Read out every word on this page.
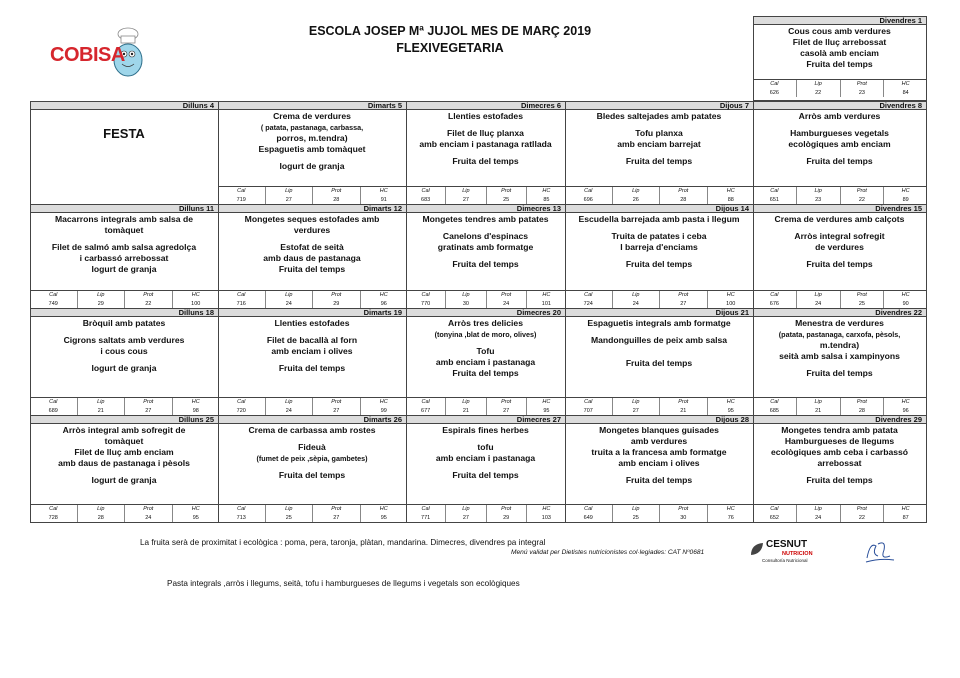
COBISA
ESCOLA JOSEP Mª JUJOL MES DE MARÇ 2019
FLEXIVEGETARIA
Dilluns 4
FESTA
Dimarts 5
Crema de verdures
( patata, pastanaga, carbassa,
porros, m.tendra)
Espaguetis amb tomàquet
Iogurt de granja
Cal
719
Lip
27
Prot
28
HC
91
Dimecres 6
Llenties estofades
Filet de lluç planxa
amb enciam i pastanaga ratllada
Fruita del temps
Cal
683
Lip
27
Prot
25
HC
85
Dijous 7
Bledes saltejades amb patates
Tofu planxa
amb enciam barrejat
Fruita del temps
Cal
696
Lip
26
Prot
28
HC
88
Divendres 8
Arròs amb verdures
Hamburgueses vegetals
ecològiques amb enciam
Fruita del temps
Cal
651
Lip
23
Prot
22
HC
89
Dilluns 11
Macarrons integrals amb salsa de
tomàquet
Filet de salmó amb salsa agredolça
i carbassó arrebossat
Iogurt de granja
Cal
749
Lip
29
Prot
22
HC
100
Dimarts 12
Mongetes seques estofades amb
verdures
Estofat de seità
amb daus de pastanaga
Fruita del temps
Cal
716
Lip
24
Prot
29
HC
96
Dimecres 13
Mongetes tendres amb patates
Canelons d'espinacs
gratinats amb formatge
Fruita del temps
Cal
770
Lip
30
Prot
24
HC
101
Dijous 14
Escudella barrejada amb pasta i llegum
Truita de patates i ceba
I barreja d'enciams
Fruita del temps
Cal
724
Lip
24
Prot
27
HC
100
Divendres 15
Crema de verdures amb calçots
Arròs integral sofregit
de verdures
Fruita del temps
Cal
676
Lip
24
Prot
25
HC
90
Dilluns 18
Bròquil amb patates
Cigrons saltats amb verdures
i cous cous
Iogurt de granja
Cal
689
Lip
21
Prot
27
HC
98
Dimarts 19
Llenties estofades
Filet de bacallà al forn
amb enciam i olives
Fruita del temps
Cal
720
Lip
24
Prot
27
HC
99
Dimecres 20
Arròs tres delicies
(tonyina ,blat de moro, olives)
Tofu
amb enciam i pastanaga
Fruita del temps
Cal
677
Lip
21
Prot
27
HC
95
Dijous 21
Espaguetis integrals amb formatge
Mandonguilles de peix amb salsa
Fruita del temps
Cal
707
Lip
27
Prot
21
HC
95
Divendres 22
Menestra de verdures
(patata, pastanaga, carxofa, pèsols,
m.tendra)
seità amb salsa i xampinyons
Fruita del temps
Cal
685
Lip
21
Prot
28
HC
96
Dilluns 25
Arròs integral amb sofregit de
tomàquet
Filet de lluç amb enciam
amb daus de pastanaga i pèsols
Iogurt de granja
Cal
728
Lip
28
Prot
24
HC
95
Dimarts 26
Crema de carbassa amb rostes
Fideuà
(fumet de peix ,sèpia, gambetes)
Fruita del temps
Cal
713
Lip
25
Prot
27
HC
95
Dimecres 27
Espirals fines herbes
tofu
amb enciam i pastanaga
Fruita del temps
Cal
771
Lip
27
Prot
29
HC
103
Dijous 28
Mongetes blanques guisades
amb verdures
truita a la francesa amb formatge
amb enciam i olives
Fruita del temps
Cal
649
Lip
25
Prot
30
HC
76
Divendres 29
Mongetes tendra amb patata
Hamburgueses de llegums
ecològiques amb ceba i carbassó
arrebossat
Fruita del temps
Cal
652
Lip
24
Prot
22
HC
87
Divendres 1
Cous cous amb verdures
Filet de lluç arrebossat
casolà amb enciam
Fruita del temps
Cal
626
Lip
22
Prot
23
HC
84
La fruita serà de proximitat i ecològica : poma, pera, taronja, plàtan, mandarina. Dimecres, divendres pa integral
Menú validat per Dietistes nutricionistes col·legiades: CAT Nº0681
Pasta integrals ,arròs i llegums, seità, tofu i hamburgueses de llegums i vegetals son ecològiques
CESNUT
NUTRICION
Consultoría Nutricional
